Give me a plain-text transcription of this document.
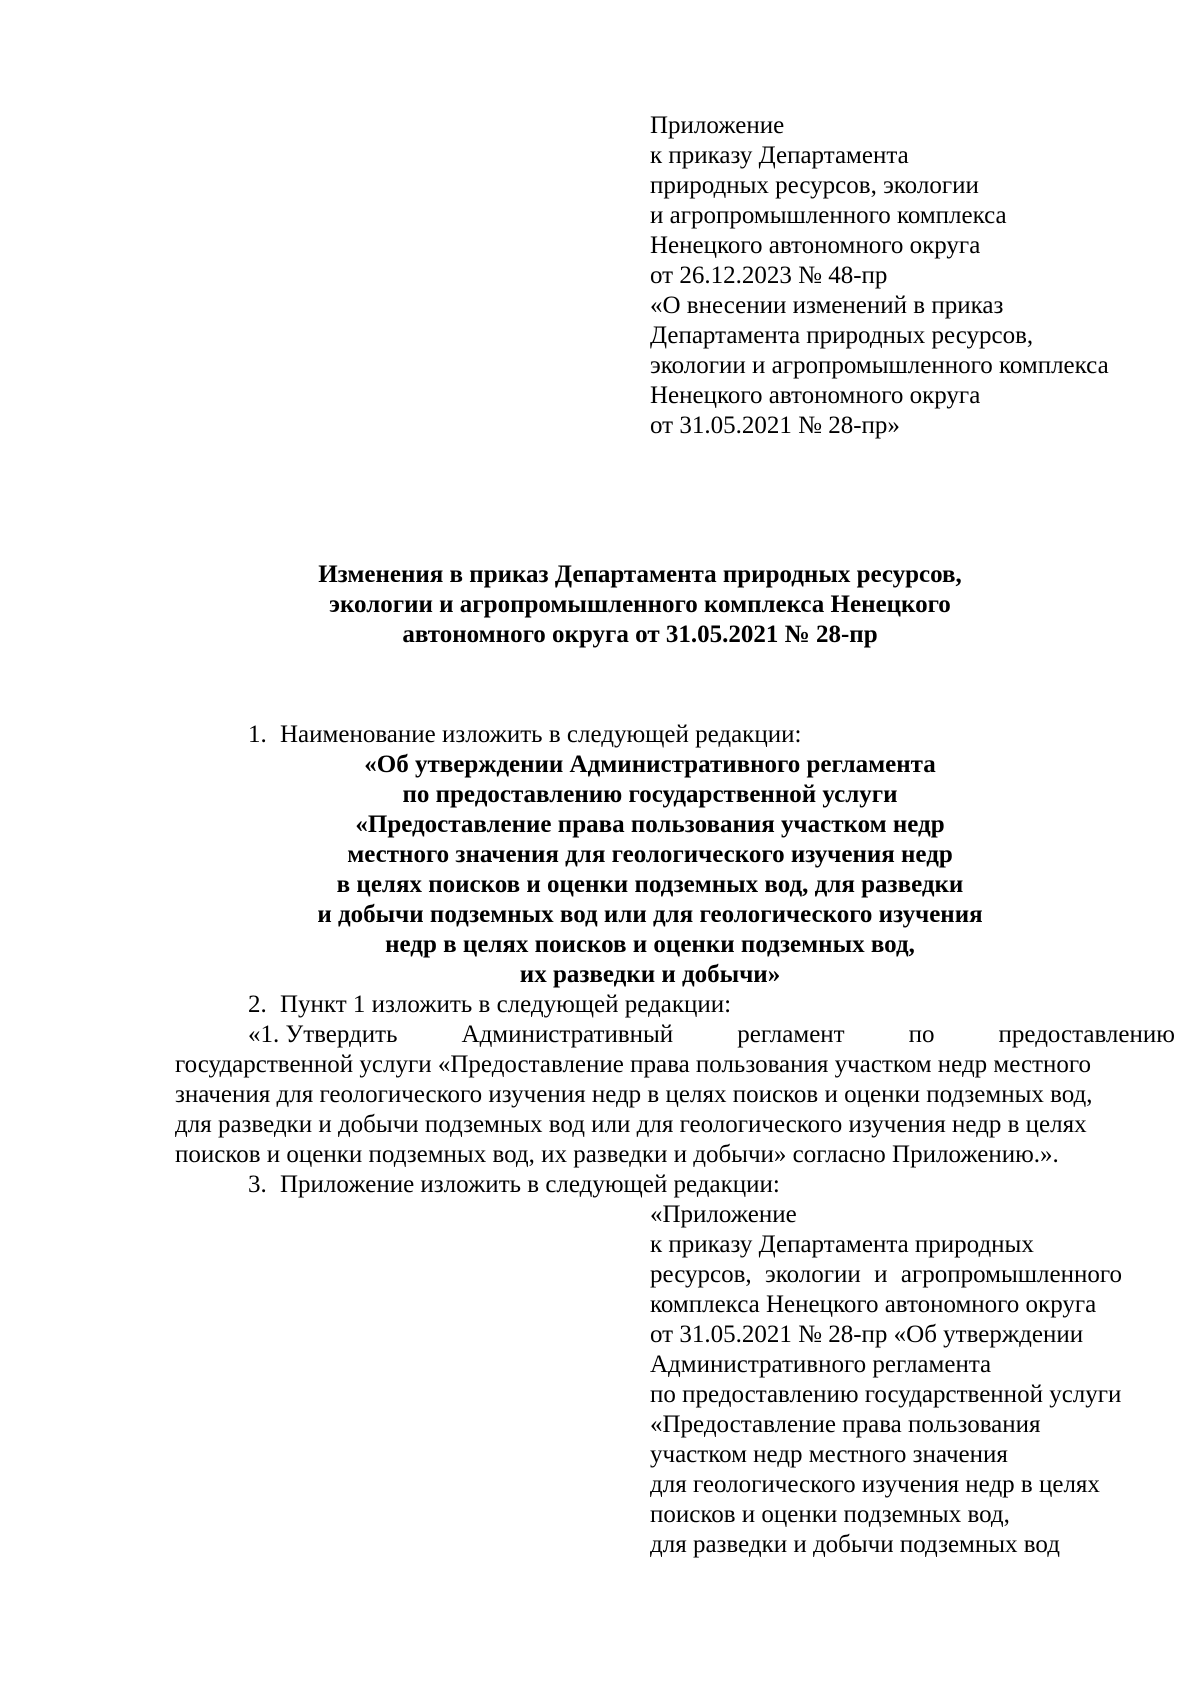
Приложение
к приказу Департамента
природных ресурсов, экологии
и агропромышленного комплекса
Ненецкого автономного округа
от 26.12.2023 № 48-пр
«О внесении изменений в приказ
Департамента природных ресурсов,
экологии и агропромышленного комплекса
Ненецкого автономного округа
от 31.05.2021 № 28-пр»
Изменения в приказ Департамента природных ресурсов,
экологии и агропромышленного комплекса Ненецкого
автономного округа от 31.05.2021 № 28-пр
1. Наименование изложить в следующей редакции:
«Об утверждении Административного регламента
по предоставлению государственной услуги
«Предоставление права пользования участком недр
местного значения для геологического изучения недр
в целях поисков и оценки подземных вод, для разведки
и добычи подземных вод или для геологического изучения
недр в целях поисков и оценки подземных вод,
их разведки и добычи»
2. Пункт 1 изложить в следующей редакции:
«1. Утвердить	Административный	регламент	по	предоставлению
государственной услуги «Предоставление права пользования участком недр местного
значения для геологического изучения недр в целях поисков и оценки подземных вод,
для разведки и добычи подземных вод или для геологического изучения недр в целях
поисков и оценки подземных вод, их разведки и добычи» согласно Приложению.».
3. Приложение изложить в следующей редакции:
«Приложение
к приказу Департамента природных
ресурсов, экологии и агропромышленного
комплекса Ненецкого автономного округа
от 31.05.2021 № 28-пр «Об утверждении
Административного регламента
по предоставлению государственной услуги
«Предоставление права пользования
участком недр местного значения
для геологического изучения недр в целях
поисков и оценки подземных вод,
для разведки и добычи подземных вод
